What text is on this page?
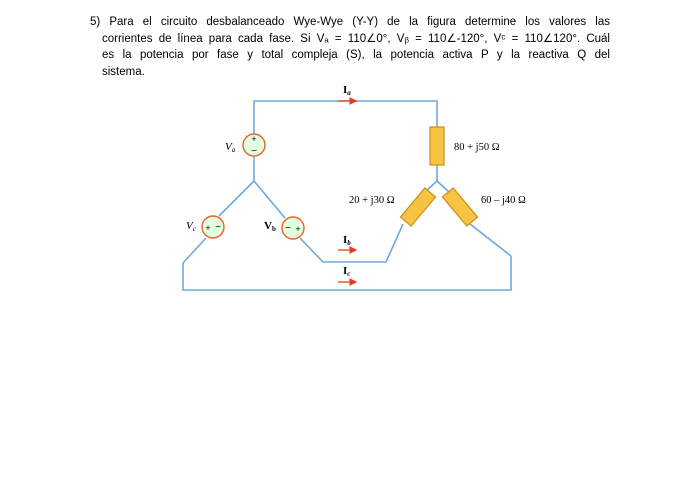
5) Para el circuito desbalanceado Wye-Wye (Y-Y) de la figura determine los valores las
corrientes de línea para cada fase. Si Vₐ = 110∠0°, Vᵦ = 110∠-120°, Vᶜ = 110∠120°. Cuál
es la potencia por fase y total compleja (S), la potencia activa P y la reactiva Q del
sistema.
+
−
+ −	− +
Ia
Ib
Ic
Va
Vc	Vb
80 + j50 Ω
20 + j30 Ω	60 – j40 Ω
